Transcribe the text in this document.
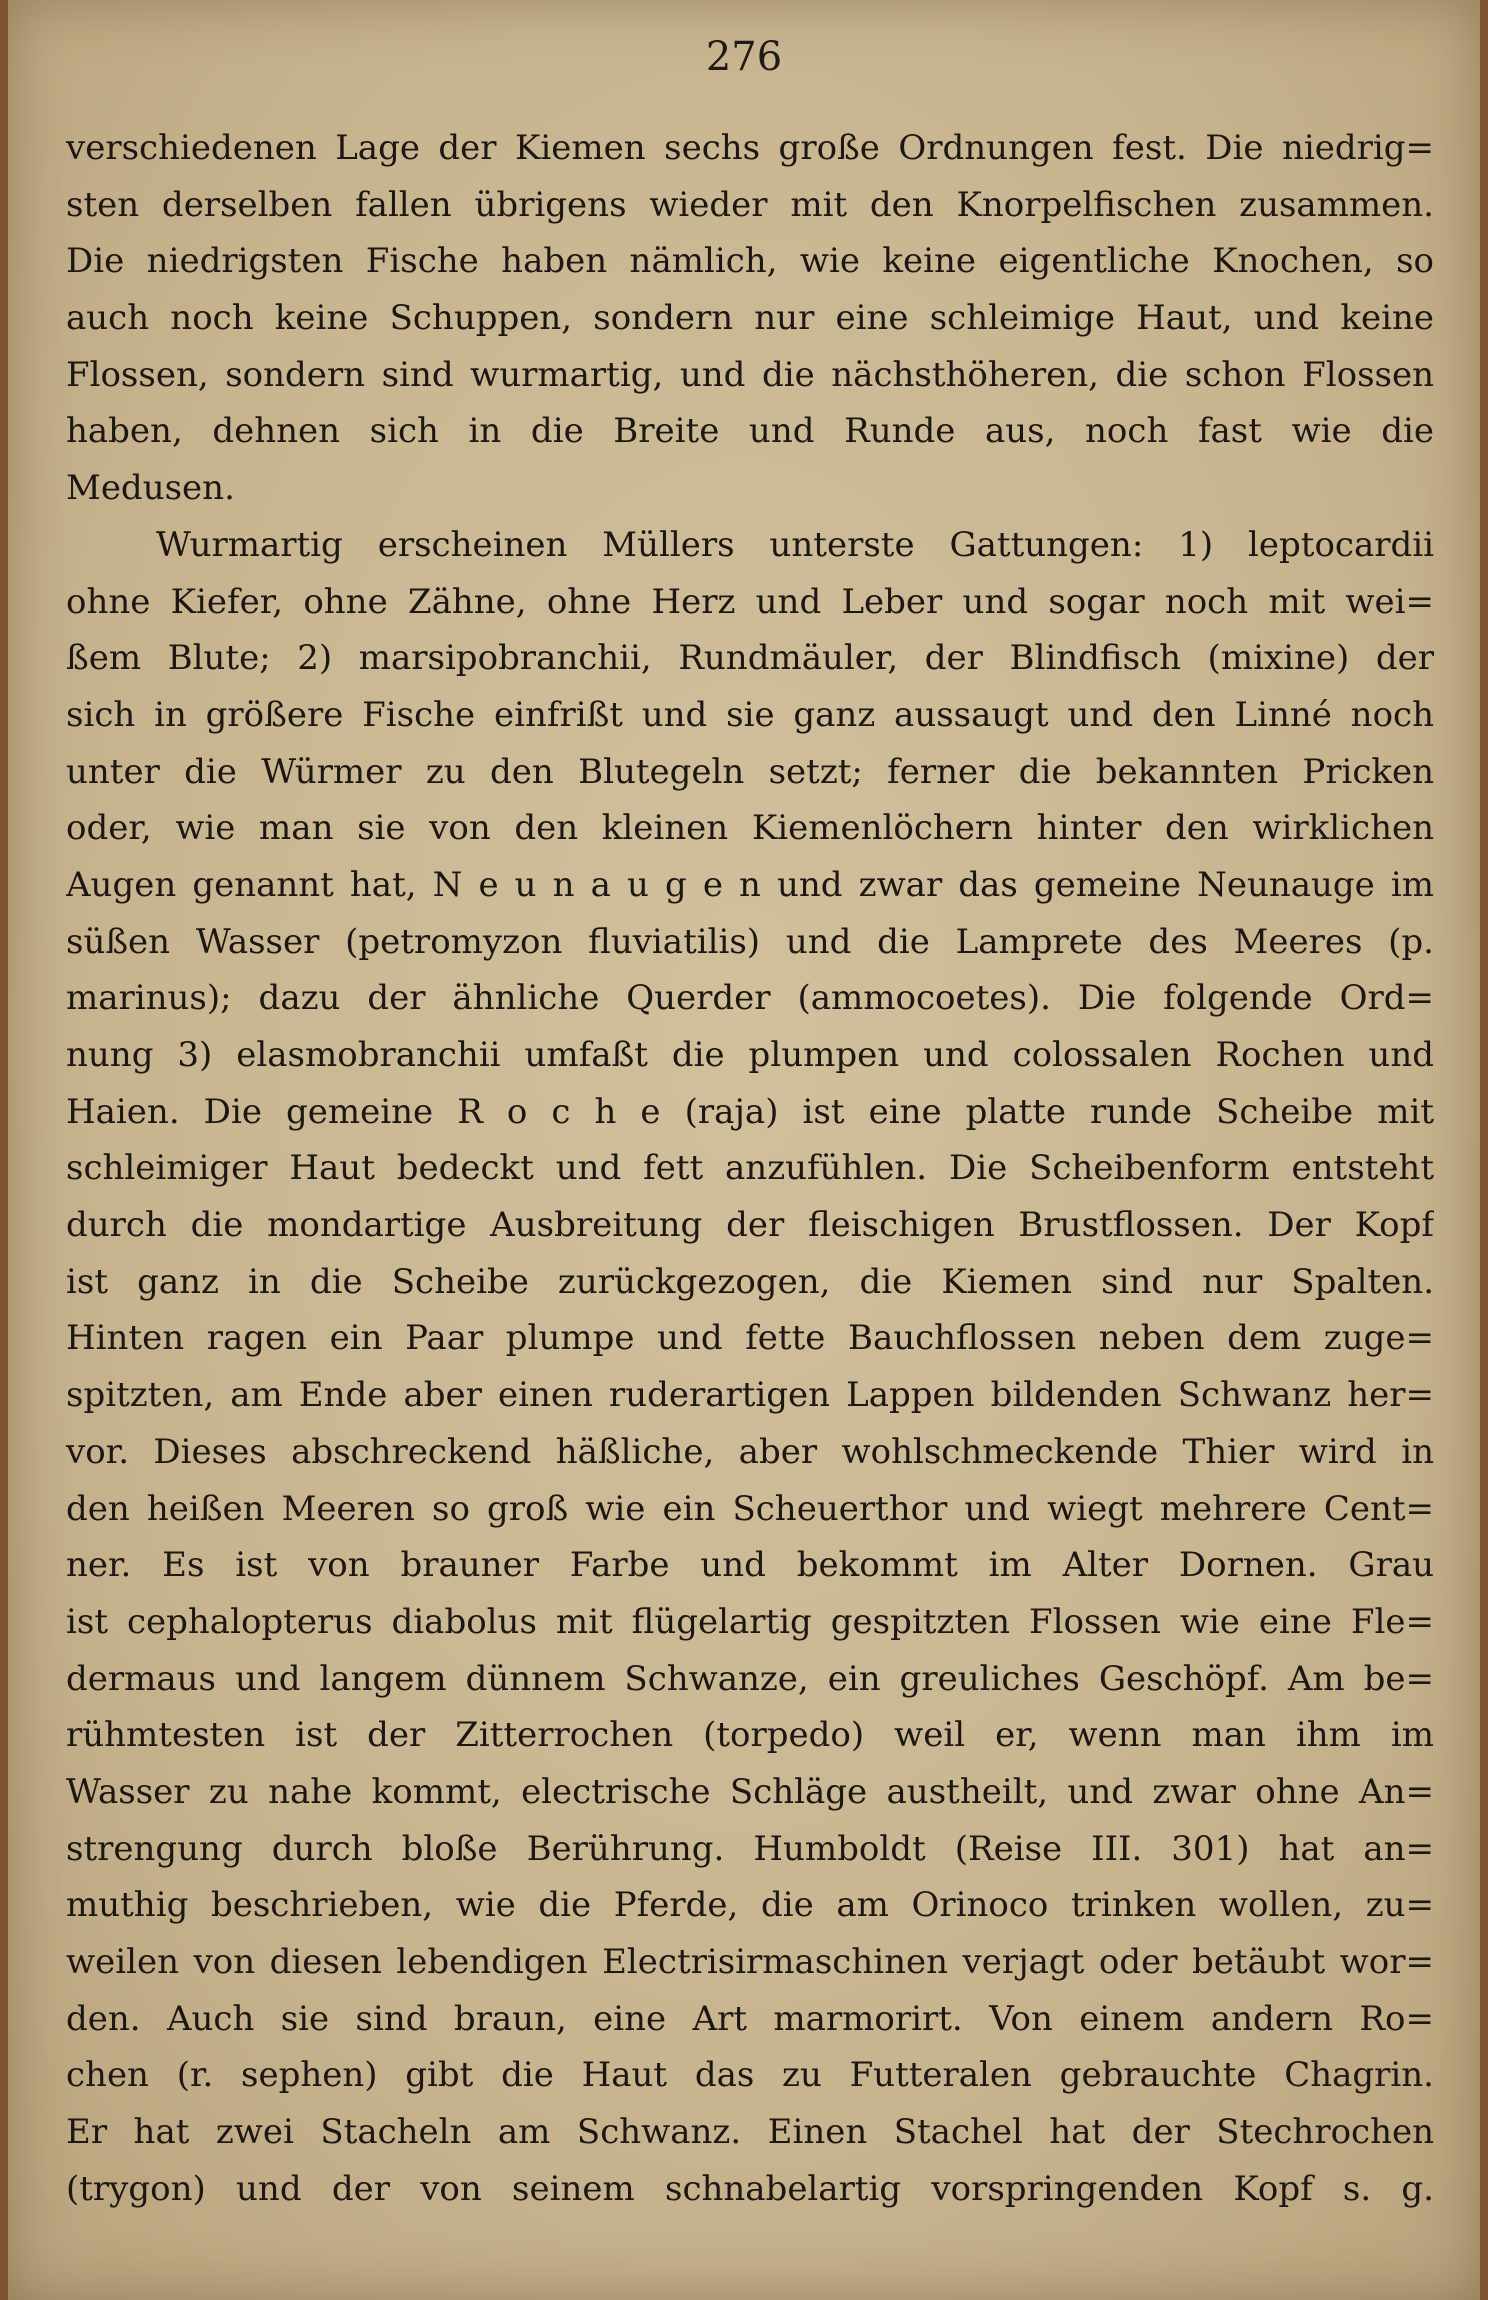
276
verschiedenen Lage der Kiemen sechs große Ordnungen fest. Die niedrig=
sten derselben fallen übrigens wieder mit den Knorpelfischen zusammen.
Die niedrigsten Fische haben nämlich, wie keine eigentliche Knochen, so
auch noch keine Schuppen, sondern nur eine schleimige Haut, und keine
Flossen, sondern sind wurmartig, und die nächsthöheren, die schon Flossen
haben, dehnen sich in die Breite und Runde aus, noch fast wie die
Medusen.
Wurmartig erscheinen Müllers unterste Gattungen: 1) leptocardii
ohne Kiefer, ohne Zähne, ohne Herz und Leber und sogar noch mit wei=
ßem Blute; 2) marsipobranchii, Rundmäuler, der Blindfisch (mixine) der
sich in größere Fische einfrißt und sie ganz aussaugt und den Linné noch
unter die Würmer zu den Blutegeln setzt; ferner die bekannten Pricken
oder, wie man sie von den kleinen Kiemenlöchern hinter den wirklichen
Augen genannt hat, N e u n a u g e n und zwar das gemeine Neunauge im
süßen Wasser (petromyzon fluviatilis) und die Lamprete des Meeres (p.
marinus); dazu der ähnliche Querder (ammocoetes). Die folgende Ord=
nung 3) elasmobranchii umfaßt die plumpen und colossalen Rochen und
Haien. Die gemeine R o c h e (raja) ist eine platte runde Scheibe mit
schleimiger Haut bedeckt und fett anzufühlen. Die Scheibenform entsteht
durch die mondartige Ausbreitung der fleischigen Brustflossen. Der Kopf
ist ganz in die Scheibe zurückgezogen, die Kiemen sind nur Spalten.
Hinten ragen ein Paar plumpe und fette Bauchflossen neben dem zuge=
spitzten, am Ende aber einen ruderartigen Lappen bildenden Schwanz her=
vor. Dieses abschreckend häßliche, aber wohlschmeckende Thier wird in
den heißen Meeren so groß wie ein Scheuerthor und wiegt mehrere Cent=
ner. Es ist von brauner Farbe und bekommt im Alter Dornen. Grau
ist cephalopterus diabolus mit flügelartig gespitzten Flossen wie eine Fle=
dermaus und langem dünnem Schwanze, ein greuliches Geschöpf. Am be=
rühmtesten ist der Zitterrochen (torpedo) weil er, wenn man ihm im
Wasser zu nahe kommt, electrische Schläge austheilt, und zwar ohne An=
strengung durch bloße Berührung. Humboldt (Reise III. 301) hat an=
muthig beschrieben, wie die Pferde, die am Orinoco trinken wollen, zu=
weilen von diesen lebendigen Electrisirmaschinen verjagt oder betäubt wor=
den. Auch sie sind braun, eine Art marmorirt. Von einem andern Ro=
chen (r. sephen) gibt die Haut das zu Futteralen gebrauchte Chagrin.
Er hat zwei Stacheln am Schwanz. Einen Stachel hat der Stechrochen
(trygon) und der von seinem schnabelartig vorspringenden Kopf s. g.
